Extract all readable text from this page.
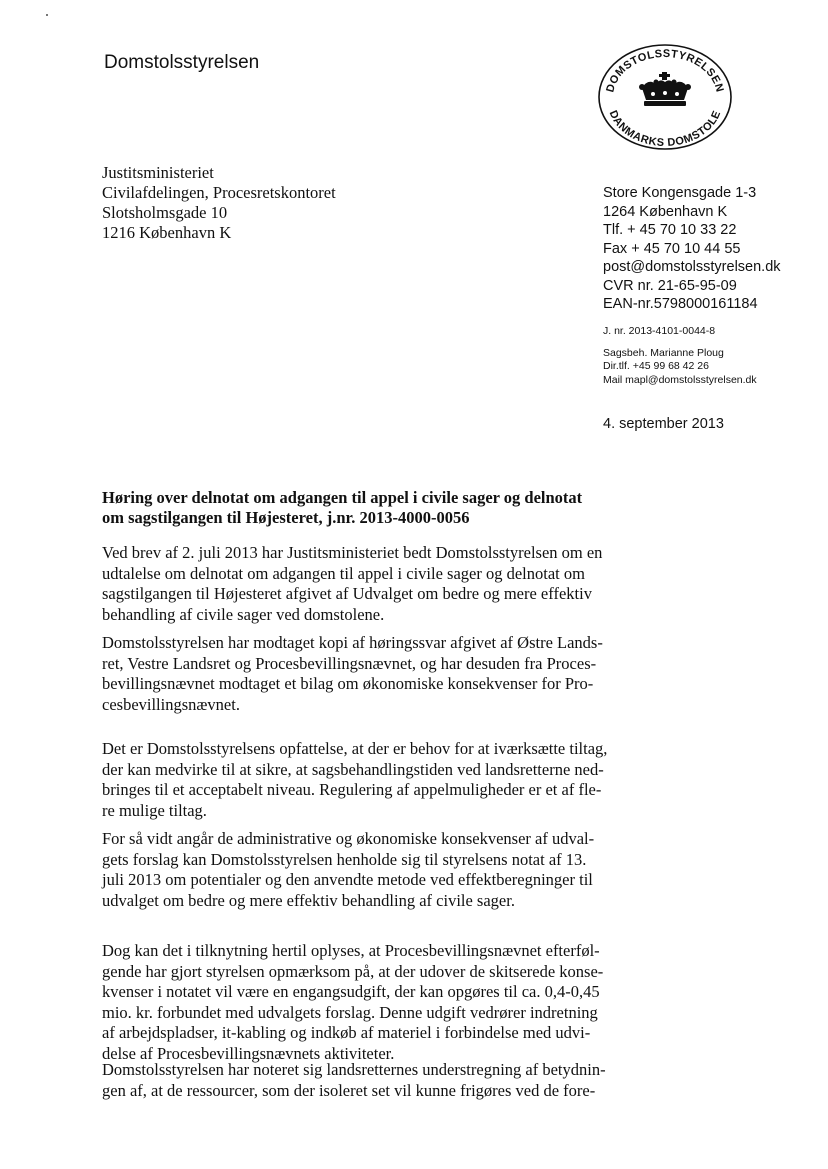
Domstolsstyrelsen
DOMSTOLSSTYRELSEN
DANMARKS DOMSTOLE
Justitsministeriet
Civilafdelingen, Procesretskontoret
Slotsholmsgade 10
1216 København K
Store Kongensgade 1-3
1264 København K
Tlf. + 45 70 10 33 22
Fax + 45 70 10 44 55
post@domstolsstyrelsen.dk
CVR nr. 21-65-95-09
EAN-nr.5798000161184
J. nr. 2013-4101-0044-8
Sagsbeh. Marianne Ploug
Dir.tlf. +45 99 68 42 26
Mail mapl@domstolsstyrelsen.dk
4. september 2013
Høring over delnotat om adgangen til appel i civile sager og delnotat
om sagstilgangen til Højesteret, j.nr. 2013-4000-0056
Ved brev af 2. juli 2013 har Justitsministeriet bedt Domstolsstyrelsen om en
udtalelse om delnotat om adgangen til appel i civile sager og delnotat om
sagstilgangen til Højesteret afgivet af Udvalget om bedre og mere effektiv
behandling af civile sager ved domstolene.
Domstolsstyrelsen har modtaget kopi af høringssvar afgivet af Østre Lands-
ret, Vestre Landsret og Procesbevillingsnævnet, og har desuden fra Proces-
bevillingsnævnet modtaget et bilag om økonomiske konsekvenser for Pro-
cesbevillingsnævnet.
Det er Domstolsstyrelsens opfattelse, at der er behov for at iværksætte tiltag,
der kan medvirke til at sikre, at sagsbehandlingstiden ved landsretterne ned-
bringes til et acceptabelt niveau. Regulering af appelmuligheder er et af fle-
re mulige tiltag.
For så vidt angår de administrative og økonomiske konsekvenser af udval-
gets forslag kan Domstolsstyrelsen henholde sig til styrelsens notat af 13.
juli 2013 om potentialer og den anvendte metode ved effektberegninger til
udvalget om bedre og mere effektiv behandling af civile sager.
Dog kan det i tilknytning hertil oplyses, at Procesbevillingsnævnet efterføl-
gende har gjort styrelsen opmærksom på, at der udover de skitserede konse-
kvenser i notatet vil være en engangsudgift, der kan opgøres til ca. 0,4-0,45
mio. kr. forbundet med udvalgets forslag. Denne udgift vedrører indretning
af arbejdspladser, it-kabling og indkøb af materiel i forbindelse med udvi-
delse af Procesbevillingsnævnets aktiviteter.
Domstolsstyrelsen har noteret sig landsretternes understregning af betydnin-
gen af, at de ressourcer, som der isoleret set vil kunne frigøres ved de fore-
